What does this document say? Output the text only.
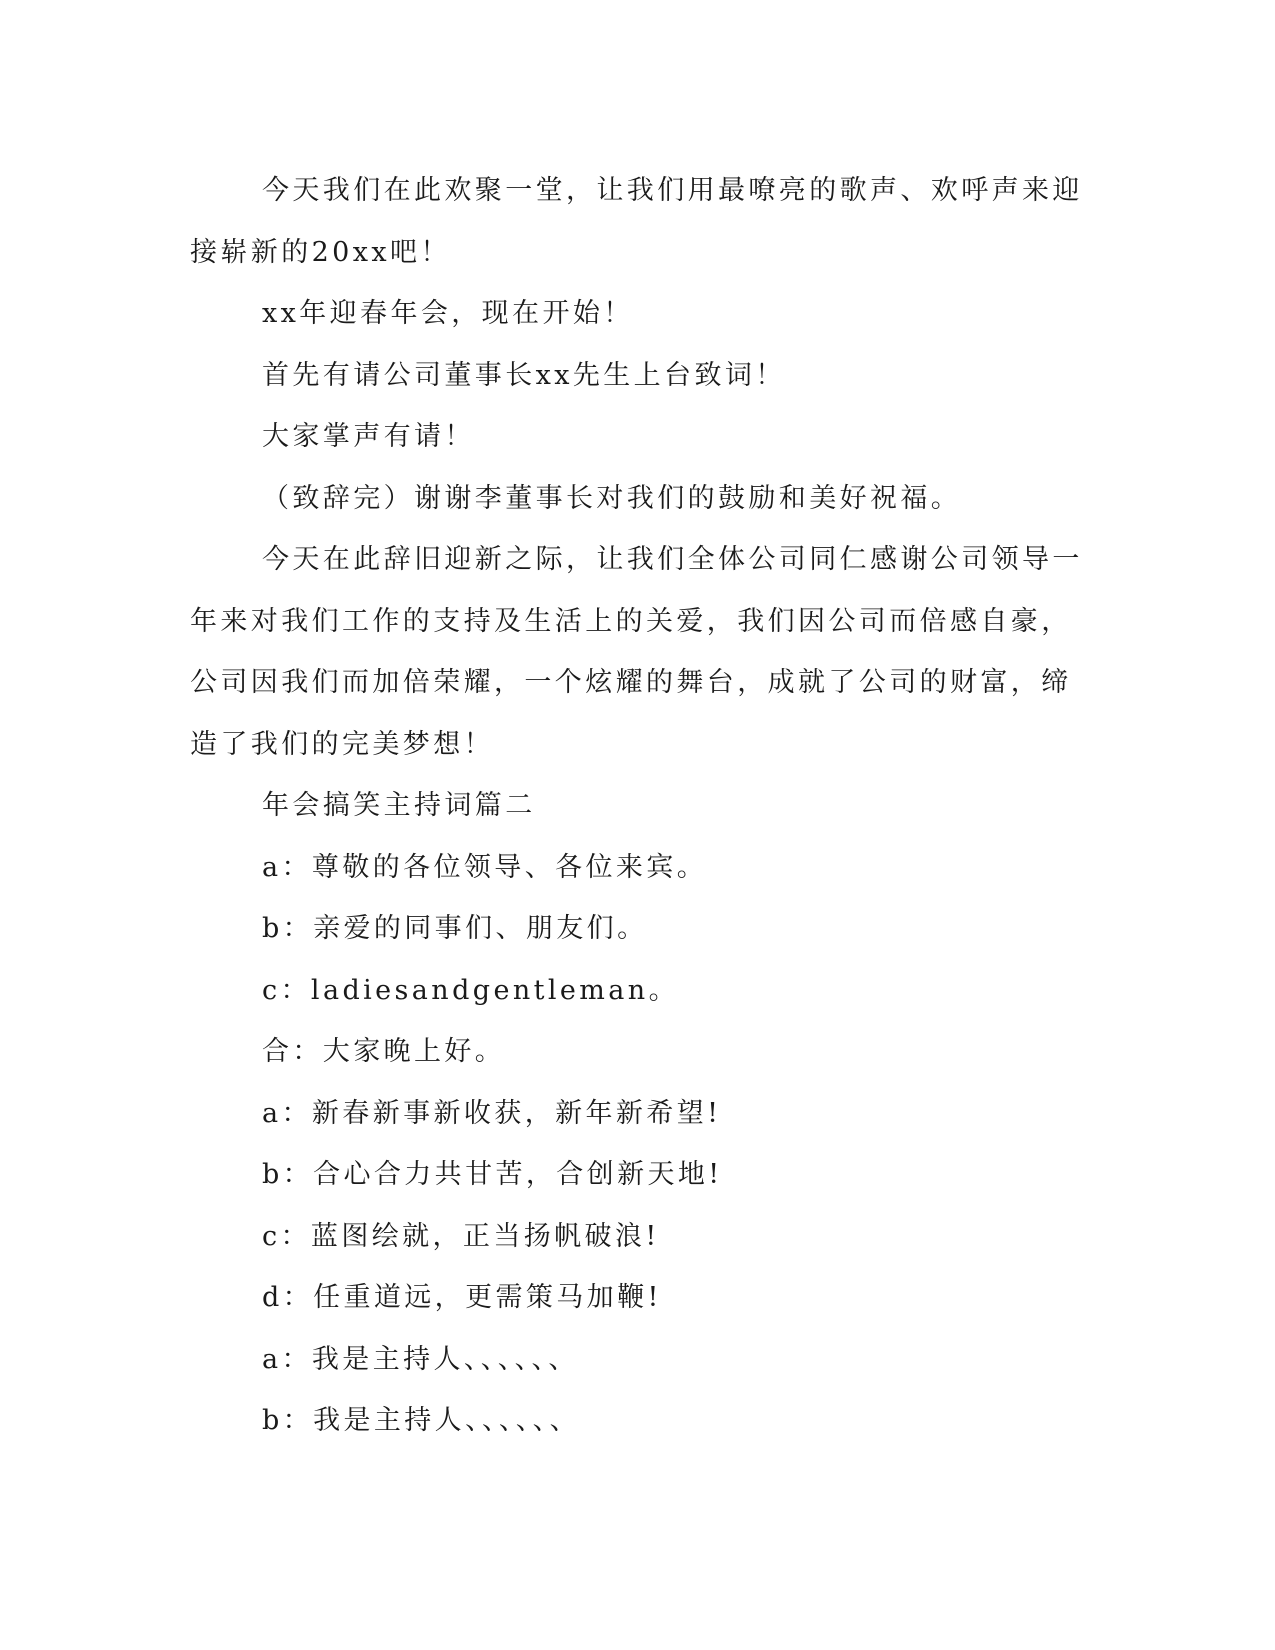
今天我们在此欢聚一堂，让我们用最嘹亮的歌声、欢呼声来迎接崭新的20xx吧！

xx年迎春年会，现在开始！

首先有请公司董事长xx先生上台致词！

大家掌声有请！

（致辞完）谢谢李董事长对我们的鼓励和美好祝福。

今天在此辞旧迎新之际，让我们全体公司同仁感谢公司领导一年来对我们工作的支持及生活上的关爱，我们因公司而倍感自豪，公司因我们而加倍荣耀，一个炫耀的舞台，成就了公司的财富，缔造了我们的完美梦想！

年会搞笑主持词篇二

a：尊敬的各位领导、各位来宾。

b：亲爱的同事们、朋友们。

c：ladiesandgentleman。

合：大家晚上好。

a：新春新事新收获，新年新希望!

b：合心合力共甘苦，合创新天地!

c：蓝图绘就，正当扬帆破浪!

d：任重道远，更需策马加鞭!

a：我是主持人、、、、、、

b：我是主持人、、、、、、
